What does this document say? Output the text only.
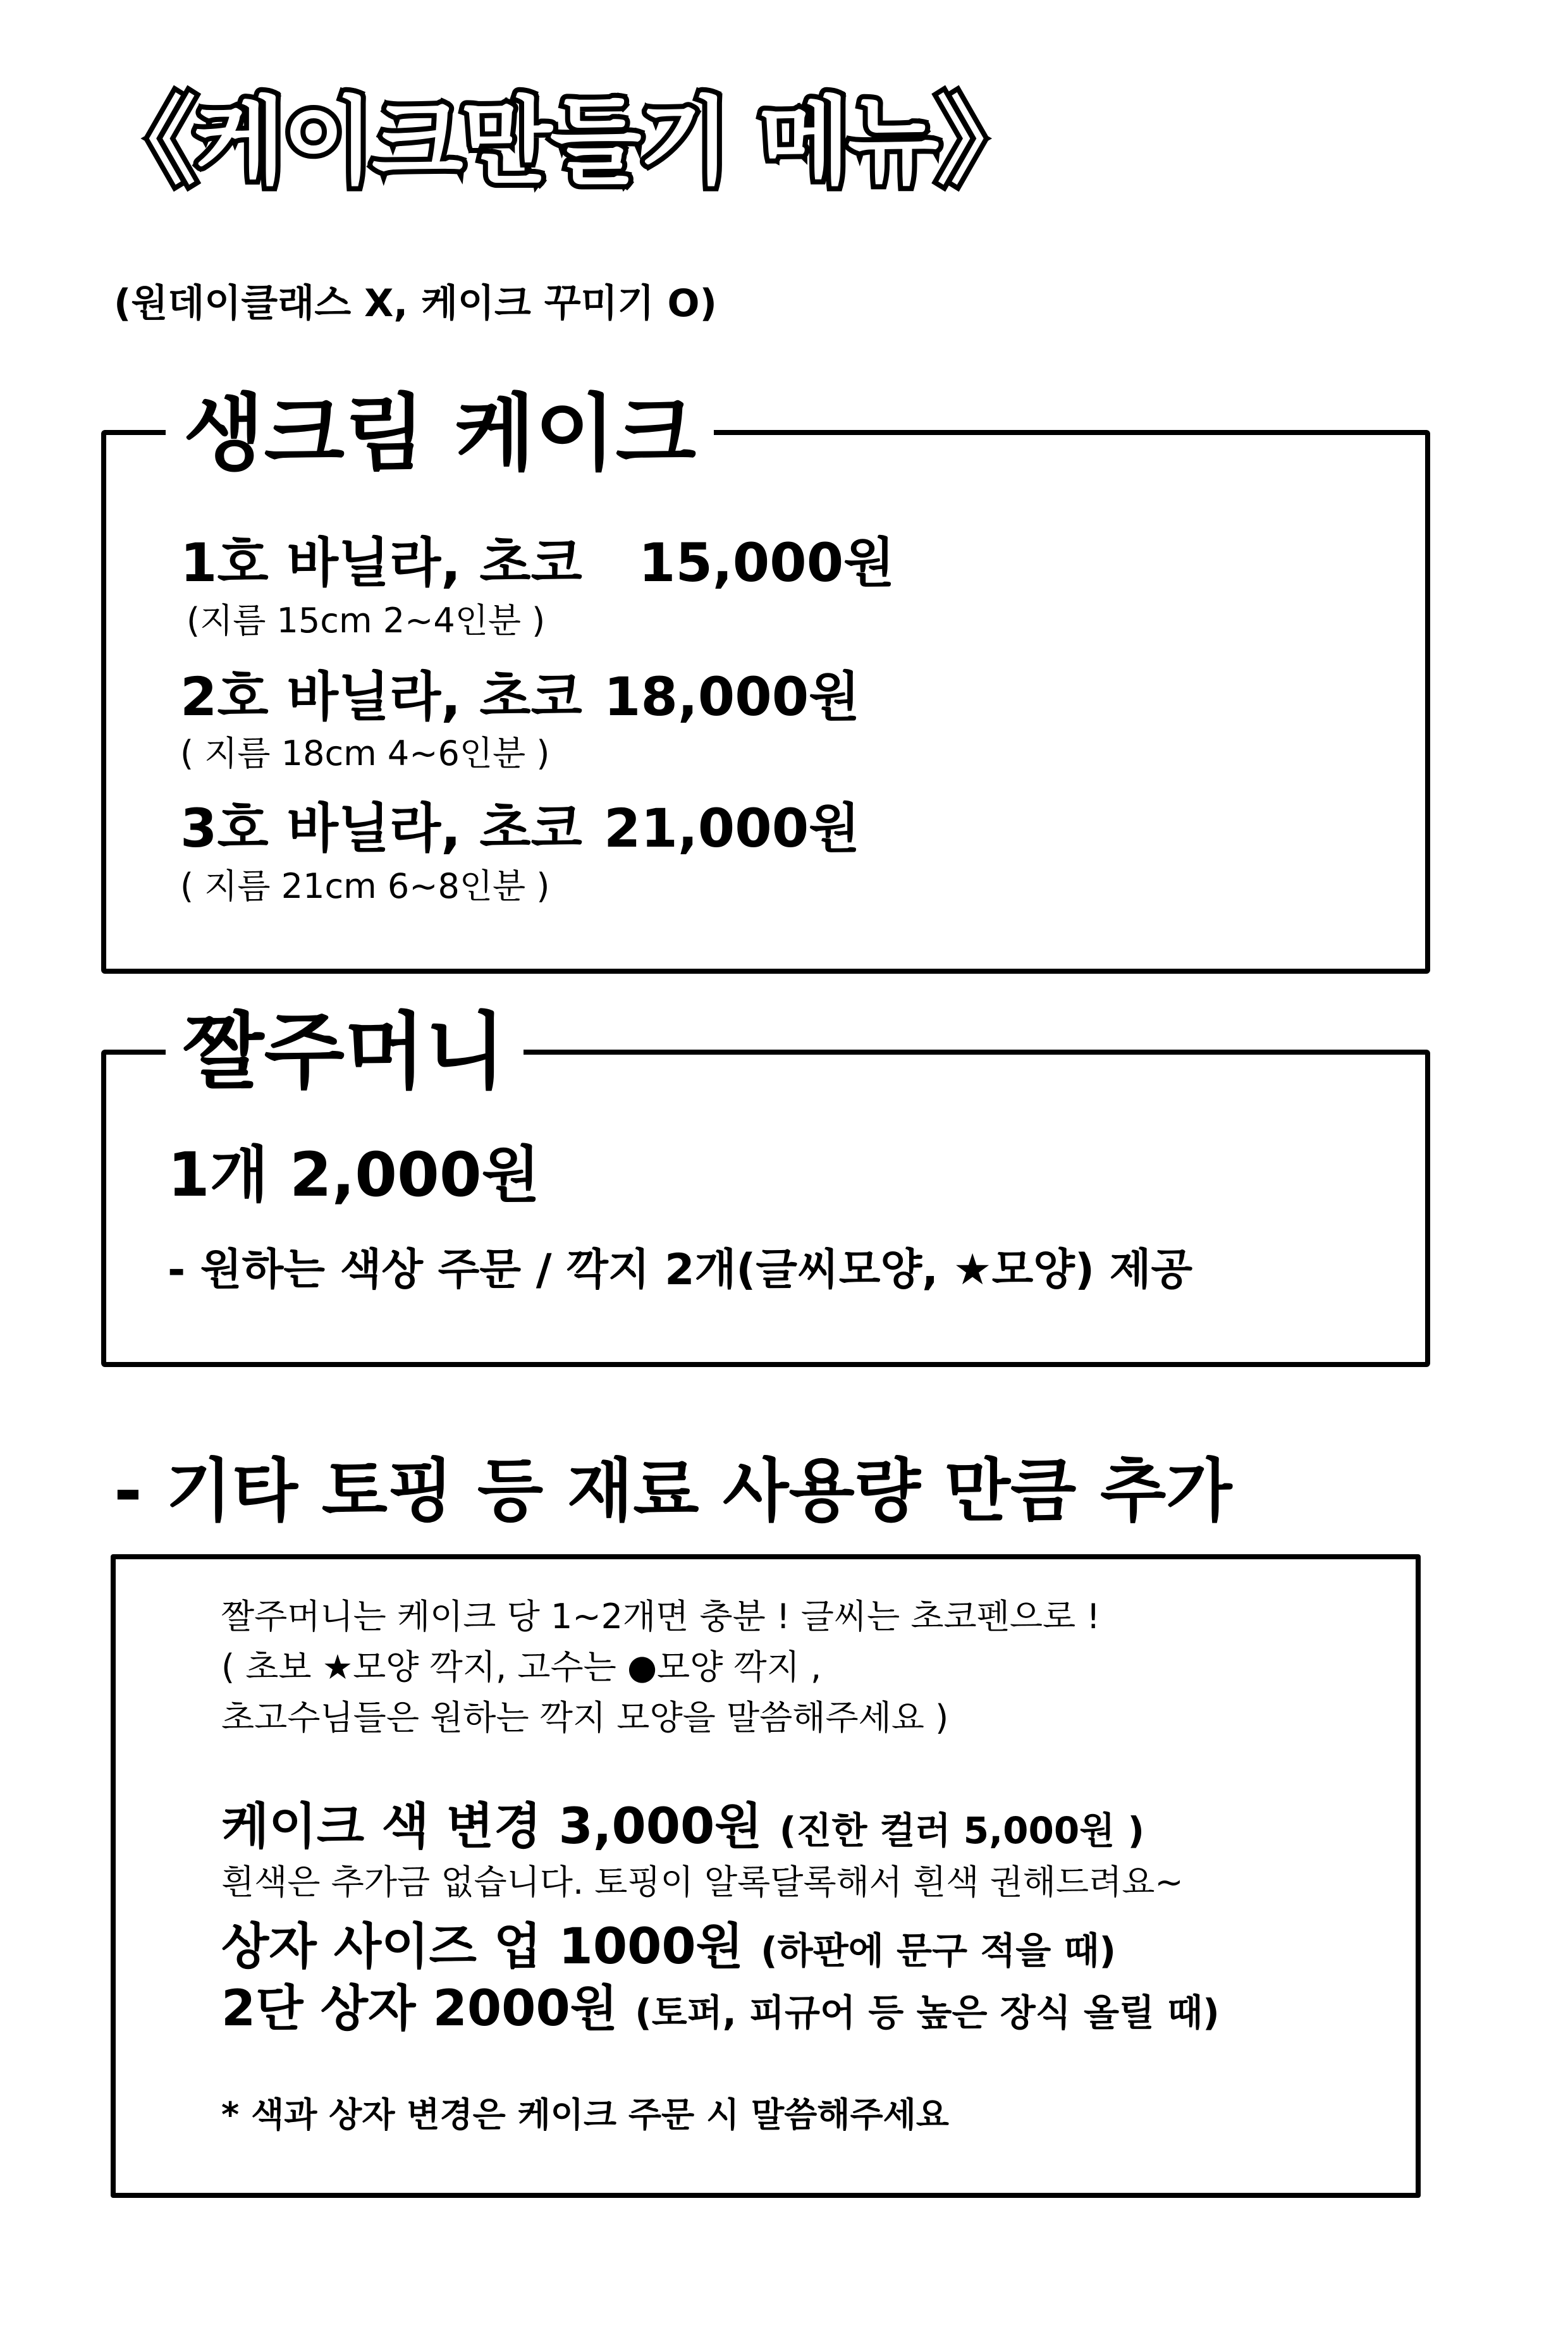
《케이크만들기 메뉴》
(원데이클래스 X, 케이크 꾸미기 O)
생크림 케이크
1호 바닐라, 초코 15,000원
(지름 15cm 2~4인분 )
2호 바닐라, 초코 18,000원
( 지름 18cm 4~6인분 )
3호 바닐라, 초코 21,000원
( 지름 21cm 6~8인분 )
짤주머니
1개 2,000원
- 원하는 색상 주문 / 깍지 2개(글씨모양, ★모양) 제공
- 기타 토핑 등 재료 사용량 만큼 추가
짤주머니는 케이크 당 1~2개면 충분 ! 글씨는 초코펜으로 !
( 초보 ★모양 깍지, 고수는 ●모양 깍지 ,
초고수님들은 원하는 깍지 모양을 말씀해주세요 )
케이크 색 변경 3,000원 (진한 컬러 5,000원 )
흰색은 추가금 없습니다. 토핑이 알록달록해서 흰색 권해드려요~
상자 사이즈 업 1000원 (하판에 문구 적을 때)
2단 상자 2000원 (토퍼, 피규어 등 높은 장식 올릴 때)
* 색과 상자 변경은 케이크 주문 시 말씀해주세요
